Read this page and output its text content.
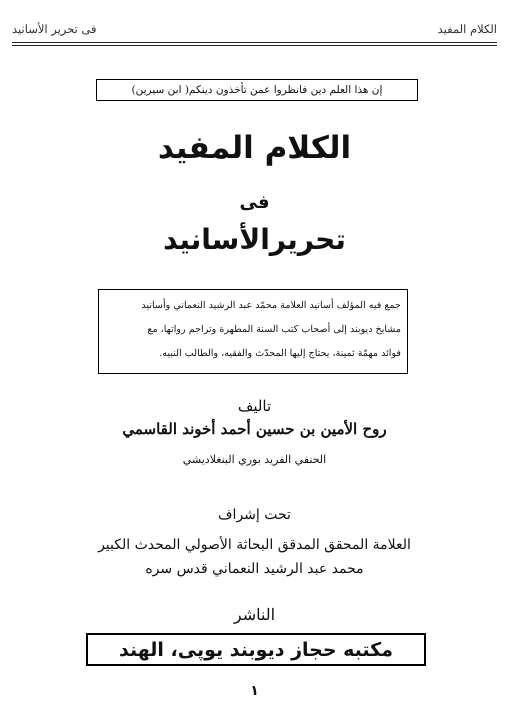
الكلام المفيد
فی تحریر الأسانید
إن هذا العلم دين فانظروا عمن تأخذون دينكم( ابن سيرين)
الكلام المفيد
فی
تحريرالأسانيد
جمع فيه المؤلف أسانيد العلامة محمّد عبد الرشيد النعماني وأسانيد
مشايخ ديوبند إلى أصحاب كتب السنة المطهرة وتراجم رواتها، مع
فوائد مهمّة ثمينة، يحتاج إليها المحدّث والفقيه، والطالب النبيه.
تاليف
روح الأمين بن حسين أحمد أخوند القاسمي
الحنفي الفريد بوري البنغلاديشي
تحت إشراف
العلامة المحقق المدقق البحاثة الأصولي المحدث الكبير
محمد عبد الرشيد النعماني قدس سره
الناشر
مكتبه حجاز ديوبند يوپى، الهند
١
